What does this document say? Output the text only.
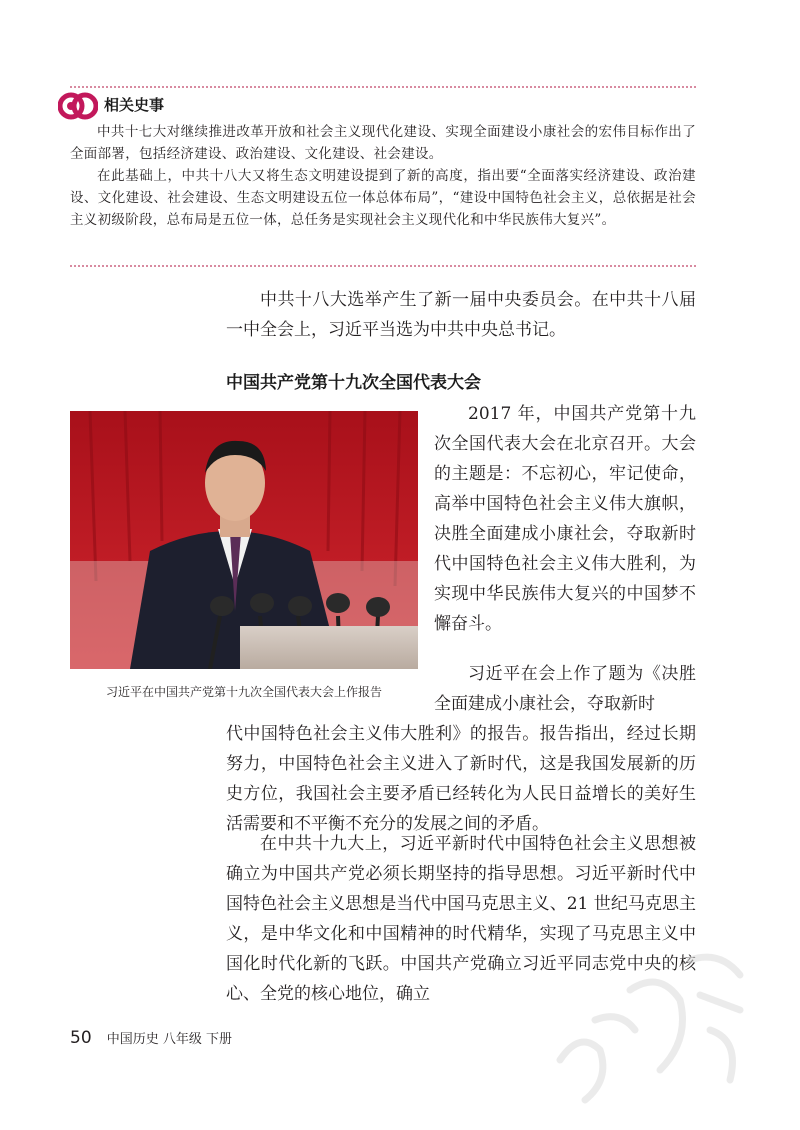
相关史事

中共十七大对继续推进改革开放和社会主义现代化建设、实现全面建设小康社会的宏伟目标作出了全面部署，包括经济建设、政治建设、文化建设、社会建设。

在此基础上，中共十八大又将生态文明建设提到了新的高度，指出要“全面落实经济建设、政治建设、文化建设、社会建设、生态文明建设五位一体总体布局”，“建设中国特色社会主义，总依据是社会主义初级阶段，总布局是五位一体，总任务是实现社会主义现代化和中华民族伟大复兴”。

中共十八大选举产生了新一届中央委员会。在中共十八届一中全会上，习近平当选为中共中央总书记。

中国共产党第十九次全国代表大会
习近平在中国共产党第十九次全国代表大会上作报告

2017 年，中国共产党第十九次全国代表大会在北京召开。大会的主题是：不忘初心，牢记使命，高举中国特色社会主义伟大旗帜，决胜全面建成小康社会，夺取新时代中国特色社会主义伟大胜利，为实现中华民族伟大复兴的中国梦不懈奋斗。

习近平在会上作了题为《决胜全面建成小康社会，夺取新时

代中国特色社会主义伟大胜利》的报告。报告指出，经过长期努力，中国特色社会主义进入了新时代，这是我国发展新的历史方位，我国社会主要矛盾已经转化为人民日益增长的美好生活需要和不平衡不充分的发展之间的矛盾。

在中共十九大上，习近平新时代中国特色社会主义思想被确立为中国共产党必须长期坚持的指导思想。习近平新时代中国特色社会主义思想是当代中国马克思主义、21 世纪马克思主义，是中华文化和中国精神的时代精华，实现了马克思主义中国化时代化新的飞跃。中国共产党确立习近平同志党中央的核心、全党的核心地位，确立

50 中国历史 八年级 下册
